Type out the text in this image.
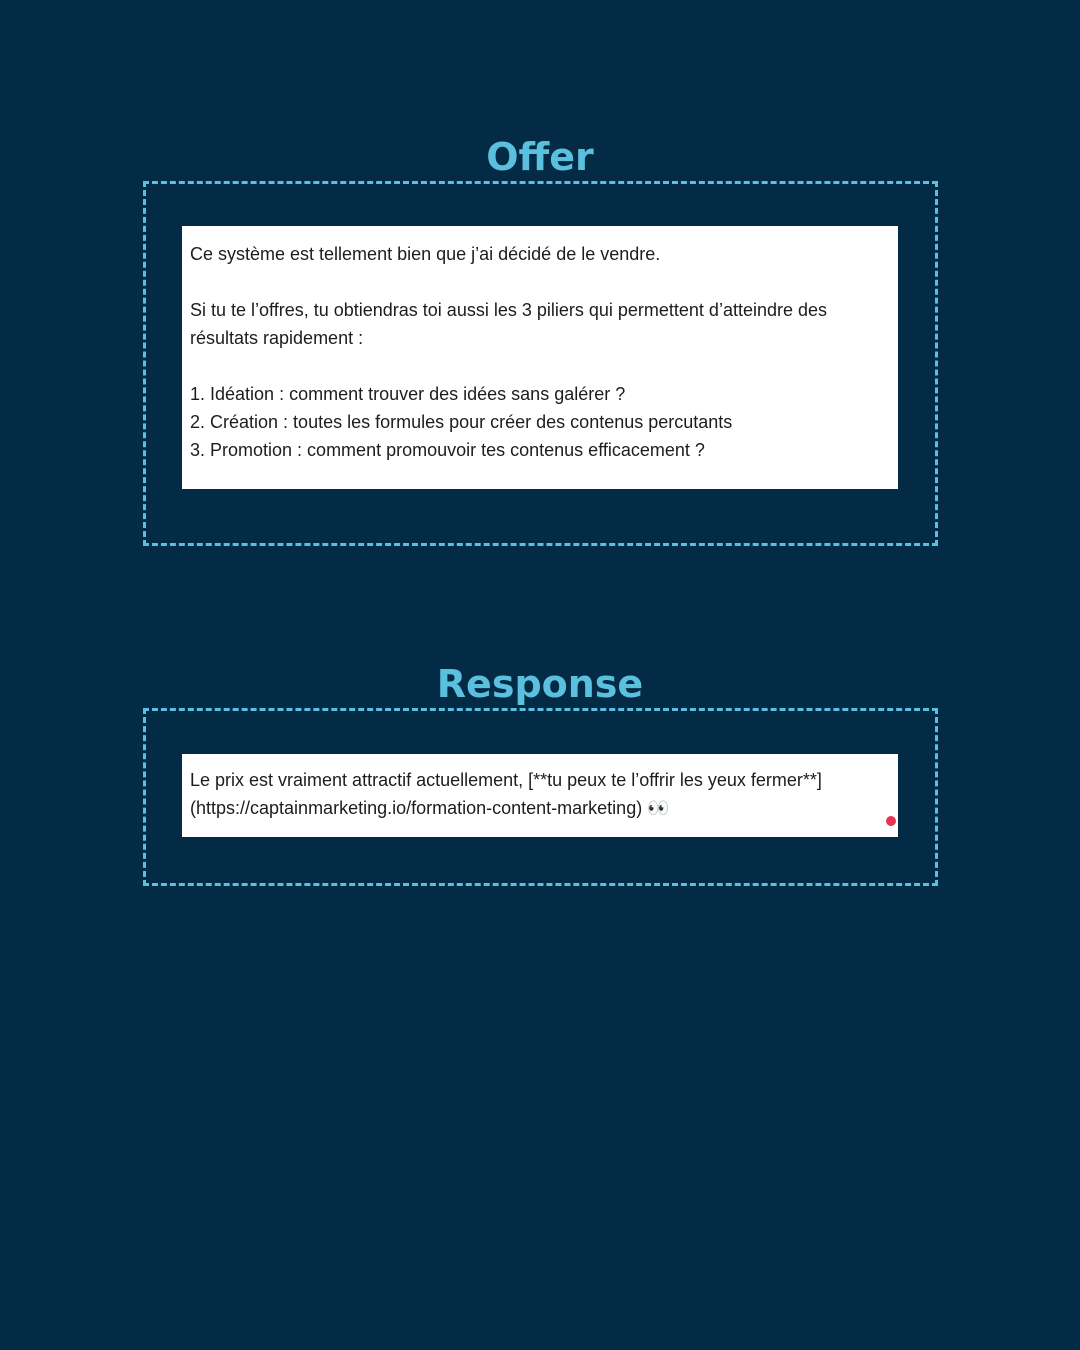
Offer

Ce système est tellement bien que j’ai décidé de le vendre.

Si tu te l’offres, tu obtiendras toi aussi les 3 piliers qui permettent d’atteindre des résultats rapidement :

1. Idéation : comment trouver des idées sans galérer ?
2. Création : toutes les formules pour créer des contenus percutants
3. Promotion : comment promouvoir tes contenus efficacement ?
Response

Le prix est vraiment attractif actuellement, [**tu peux te l’offrir les yeux fermer**]

(https://captainmarketing.io/formation-content-marketing) 👀
